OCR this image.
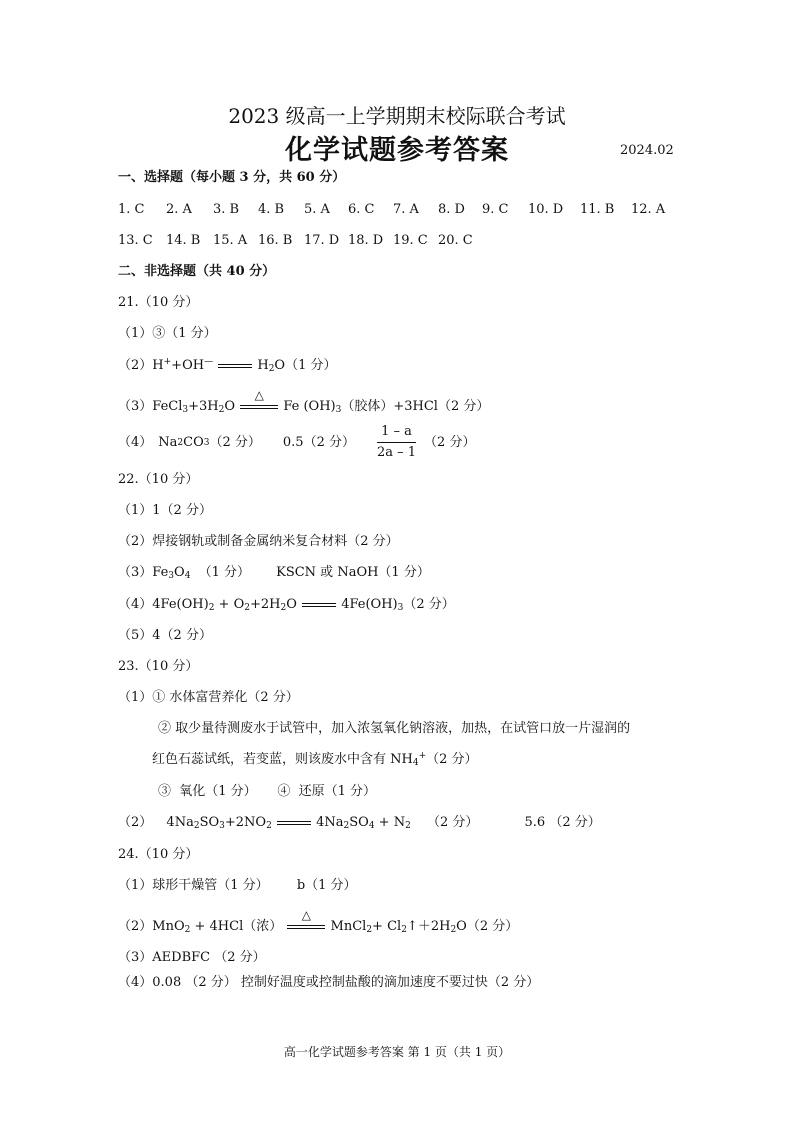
2023 级高一上学期期末校际联合考试
化学试题参考答案	2024.02
一、选择题（每小题 3 分，共 60 分）
1. C 2. A 3. B 4. B 5. A 6. C 7. A 8. D 9. C 10. D 11. B 12. A
13. C 14. B 15. A 16. B 17. D 18. D 19. C 20. C
二、非选择题（共 40 分）
21.（10 分）
（1）③（1 分）
（2）H++OH—	$H_2O(1$ 分）
$(3)FeCl_3+3H_2O$
△
Fe $(OH)_3$（胶体）+3HCl（2 分）
（4） Na 2 CO 3 （2 分） 0.5（2 分） $\frac{1 - a}{2a - 1} (2$ 分）
22.（10 分）
（1）1（2 分）
（2）焊接钢轨或制备金属纳米复合材料（2 分）
$(3)Fe_3O_4$ （1 分） KSCN 或 NaOH（1 分）
$(4)4Fe(OH)_2 + O_2+2H_2O$	$4Fe(OH)_3(2$ 分）
（5）4（2 分）
23.（10 分）
（1）① 水体富营养化（2 分）
② 取少量待测废水于试管中，加入浓氢氧化钠溶液，加热，在试管口放一片湿润的
红色石蕊试纸，若变蓝，则该废水中含有 $NH_4^+(2$ 分）
③  氧化（1 分）     ④  还原（1 分）
（2） $4Na_2SO_3+2NO_2$	$4Na_2SO_4 + N_2$ （2 分）	5.6 （2 分）
24.（10 分）
（1）球形干燥管（1 分） b（1 分）
（2）MnO$_2$ + 4HCl（浓）
△
MnCl$_2$+ $Cl_2↑+2H_2O(2$ 分）
（3）AEDBFC （2 分）
（4）0.08 （2 分） 控制好温度或控制盐酸的滴加速度不要过快（2 分）
高一化学试题参考答案 第 1 页（共 1 页）
